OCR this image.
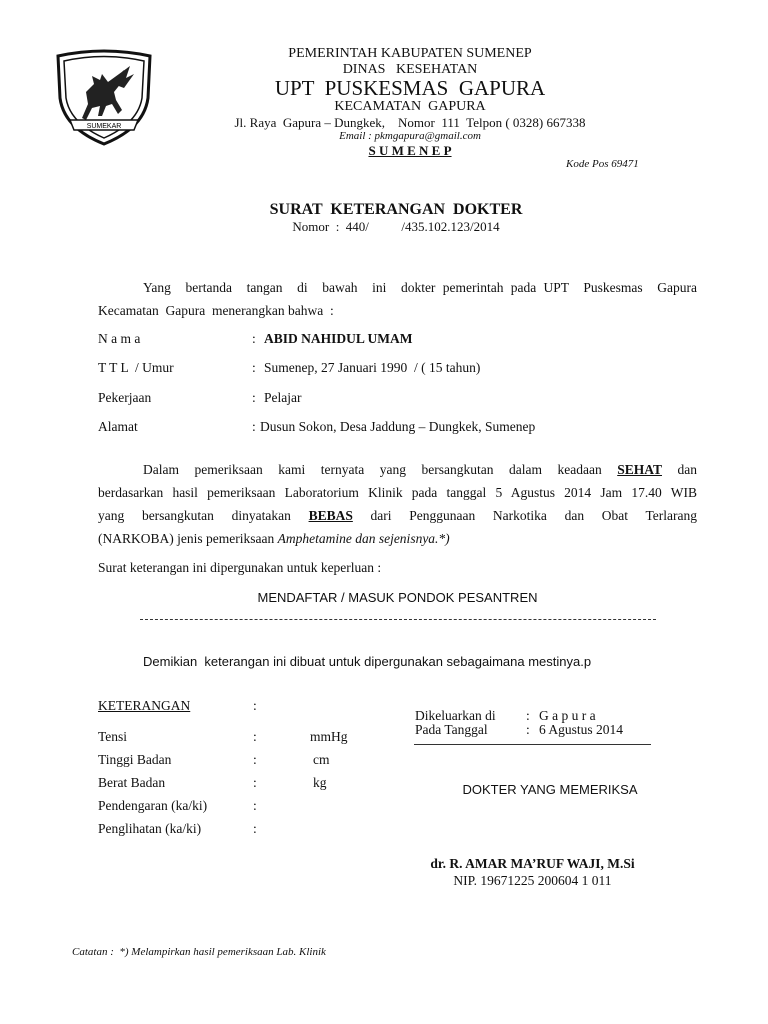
SUMEKAR
PEMERINTAH KABUPATEN SUMENEP
DINAS   KESEHATAN
UPT  PUSKESMAS  GAPURA
KECAMATAN  GAPURA
Jl. Raya  Gapura – Dungkek,    Nomor  111  Telpon ( 0328) 667338
Email : pkmgapura@gmail.com
S U M E N E P
Kode Pos 69471
SURAT  KETERANGAN  DOKTER
Nomor  :  440/          /435.102.123/2014
Yang  bertanda  tangan  di  bawah  ini  dokter pemerintah pada UPT  Puskesmas  Gapura
Kecamatan  Gapura  menerangkan bahwa  :
N a m a	: ABID NAHIDUL UMAM
T T L  / Umur	: Sumenep, 27 Januari 1990  / ( 15 tahun)
Pekerjaan	: Pelajar
Alamat	: Dusun Sokon, Desa Jaddung – Dungkek, Sumenep
Dalam  pemeriksaan  kami  ternyata  yang  bersangkutan  dalam  keadaan SEHAT dan
berdasarkan hasil pemeriksaan Laboratorium Klinik pada tanggal 5 Agustus 2014 Jam 17.40 WIB
yang  bersangkutan  dinyatakan BEBAS dari  Penggunaan  Narkotika  dan  Obat  Terlarang
(NARKOBA) jenis pemeriksaan Amphetamine dan sejenisnya.*)
Surat keterangan ini dipergunakan untuk keperluan :
MENDAFTAR / MASUK PONDOK PESANTREN
Demikian  keterangan ini dibuat untuk dipergunakan sebagaimana mestinya.p
KETERANGAN	:
Tensi	:	mmHg
Tinggi Badan	:	cm
Berat Badan	:	kg
Pendengaran (ka/ki)	:
Penglihatan (ka/ki)	:
Dikeluarkan di : G a p u r a
Pada Tanggal	: 6 Agustus 2014
DOKTER YANG MEMERIKSA
dr. R. AMAR MA’RUF WAJI, M.Si
NIP. 19671225 200604 1 011
Catatan :  *) Melampirkan hasil pemeriksaan Lab. Klinik
